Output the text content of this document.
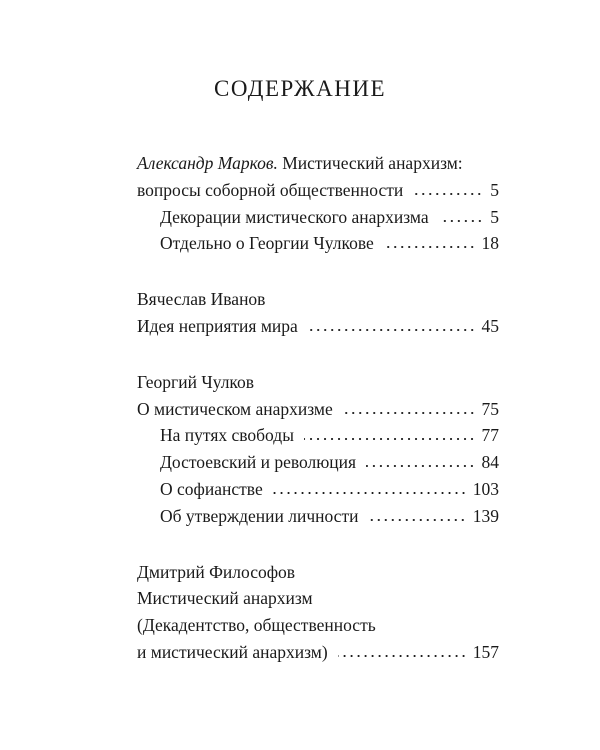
СОДЕРЖАНИЕ
Александр Марков. Мистический анархизм:
вопросы соборной общественности	5
Декорации мистического анархизма	5
Отдельно о Георгии Чулкове	18
Вячеслав Иванов
Идея неприятия мира	45
Георгий Чулков
О мистическом анархизме	75
На путях свободы	77
Достоевский и революция	84
О софианстве	103
Об утверждении личности	139
Дмитрий Философов
Мистический анархизм
(Декадентство, общественность
и мистический анархизм)	157
